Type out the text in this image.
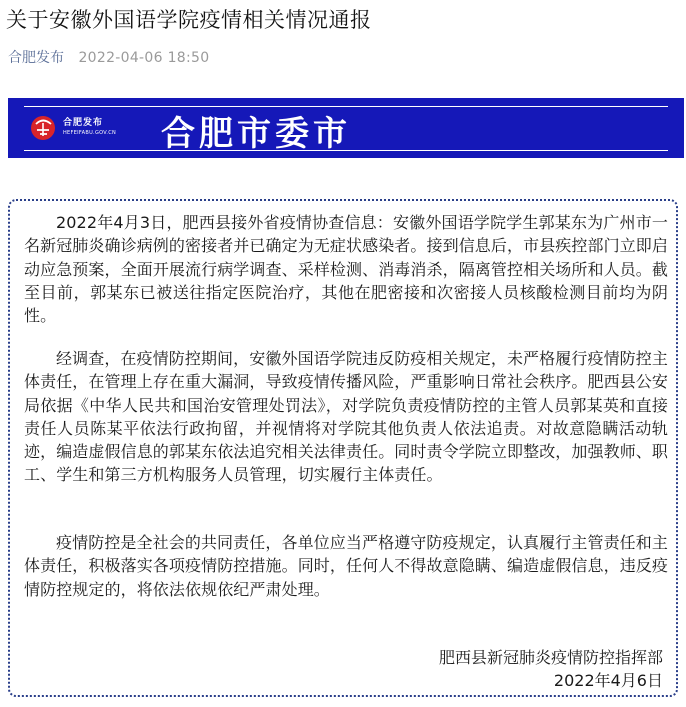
关于安徽外国语学院疫情相关情况通报
合肥发布 2022-04-06 18:50
合肥发布
HEFEIFABU.GOV.CN 合肥市委市

2022年4月3日，肥西县接外省疫情协查信息：安徽外国语学院学生郭某东为广州市一名新冠肺炎确诊病例的密接者并已确定为无症状感染者。接到信息后，市县疾控部门立即启动应急预案，全面开展流行病学调查、采样检测、消毒消杀，隔离管控相关场所和人员。截至目前，郭某东已被送往指定医院治疗，其他在肥密接和次密接人员核酸检测目前均为阴性。

经调查，在疫情防控期间，安徽外国语学院违反防疫相关规定，未严格履行疫情防控主体责任，在管理上存在重大漏洞，导致疫情传播风险，严重影响日常社会秩序。肥西县公安局依据《中华人民共和国治安管理处罚法》，对学院负责疫情防控的主管人员郭某英和直接责任人员陈某平依法行政拘留，并视情将对学院其他负责人依法追责。对故意隐瞒活动轨迹，编造虚假信息的郭某东依法追究相关法律责任。同时责令学院立即整改，加强教师、职工、学生和第三方机构服务人员管理，切实履行主体责任。

疫情防控是全社会的共同责任，各单位应当严格遵守防疫规定，认真履行主管责任和主体责任，积极落实各项疫情防控措施。同时，任何人不得故意隐瞒、编造虚假信息，违反疫情防控规定的，将依法依规依纪严肃处理。

肥西县新冠肺炎疫情防控指挥部
2022年4月6日
